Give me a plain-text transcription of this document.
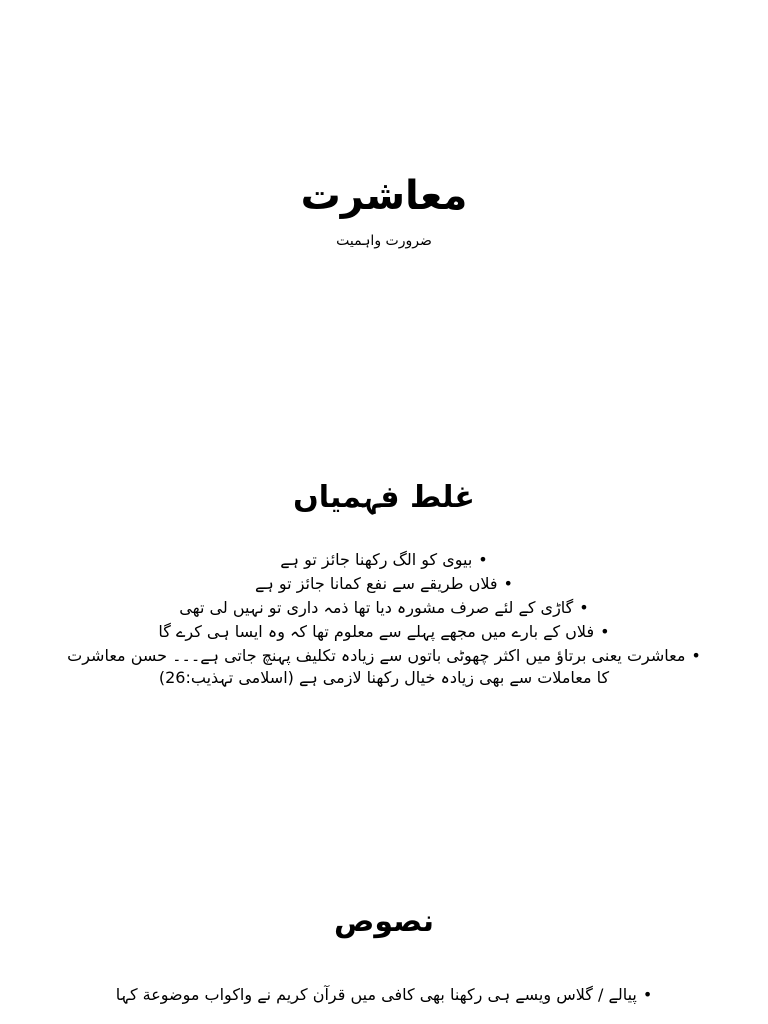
معاشرت
ضرورت واہمیت
غلط فہمیاں
•بیوی کو الگ رکھنا جائز تو ہے
•فلاں طریقے سے نفع کمانا جائز تو ہے
•گاڑی کے لئے صرف مشورہ دیا تھا ذمہ داری تو نہیں لی تھی
•فلاں کے بارے میں مجھے پہلے سے معلوم تھا کہ وہ ایسا ہی کرے گا
•معاشرت یعنی برتاؤ میں اکثر چھوٹی باتوں سے زیادہ تکلیف پہنچ جاتی ہے۔۔۔ حسن معاشرت کا معاملات سے بھی زیادہ خیال رکھنا لازمی ہے (اسلامی تہذیب:26)
نصوص
•پیالے / گلاس ویسے ہی رکھنا بھی کافی میں قرآن کریم نے واکواب موضوعة کہا
